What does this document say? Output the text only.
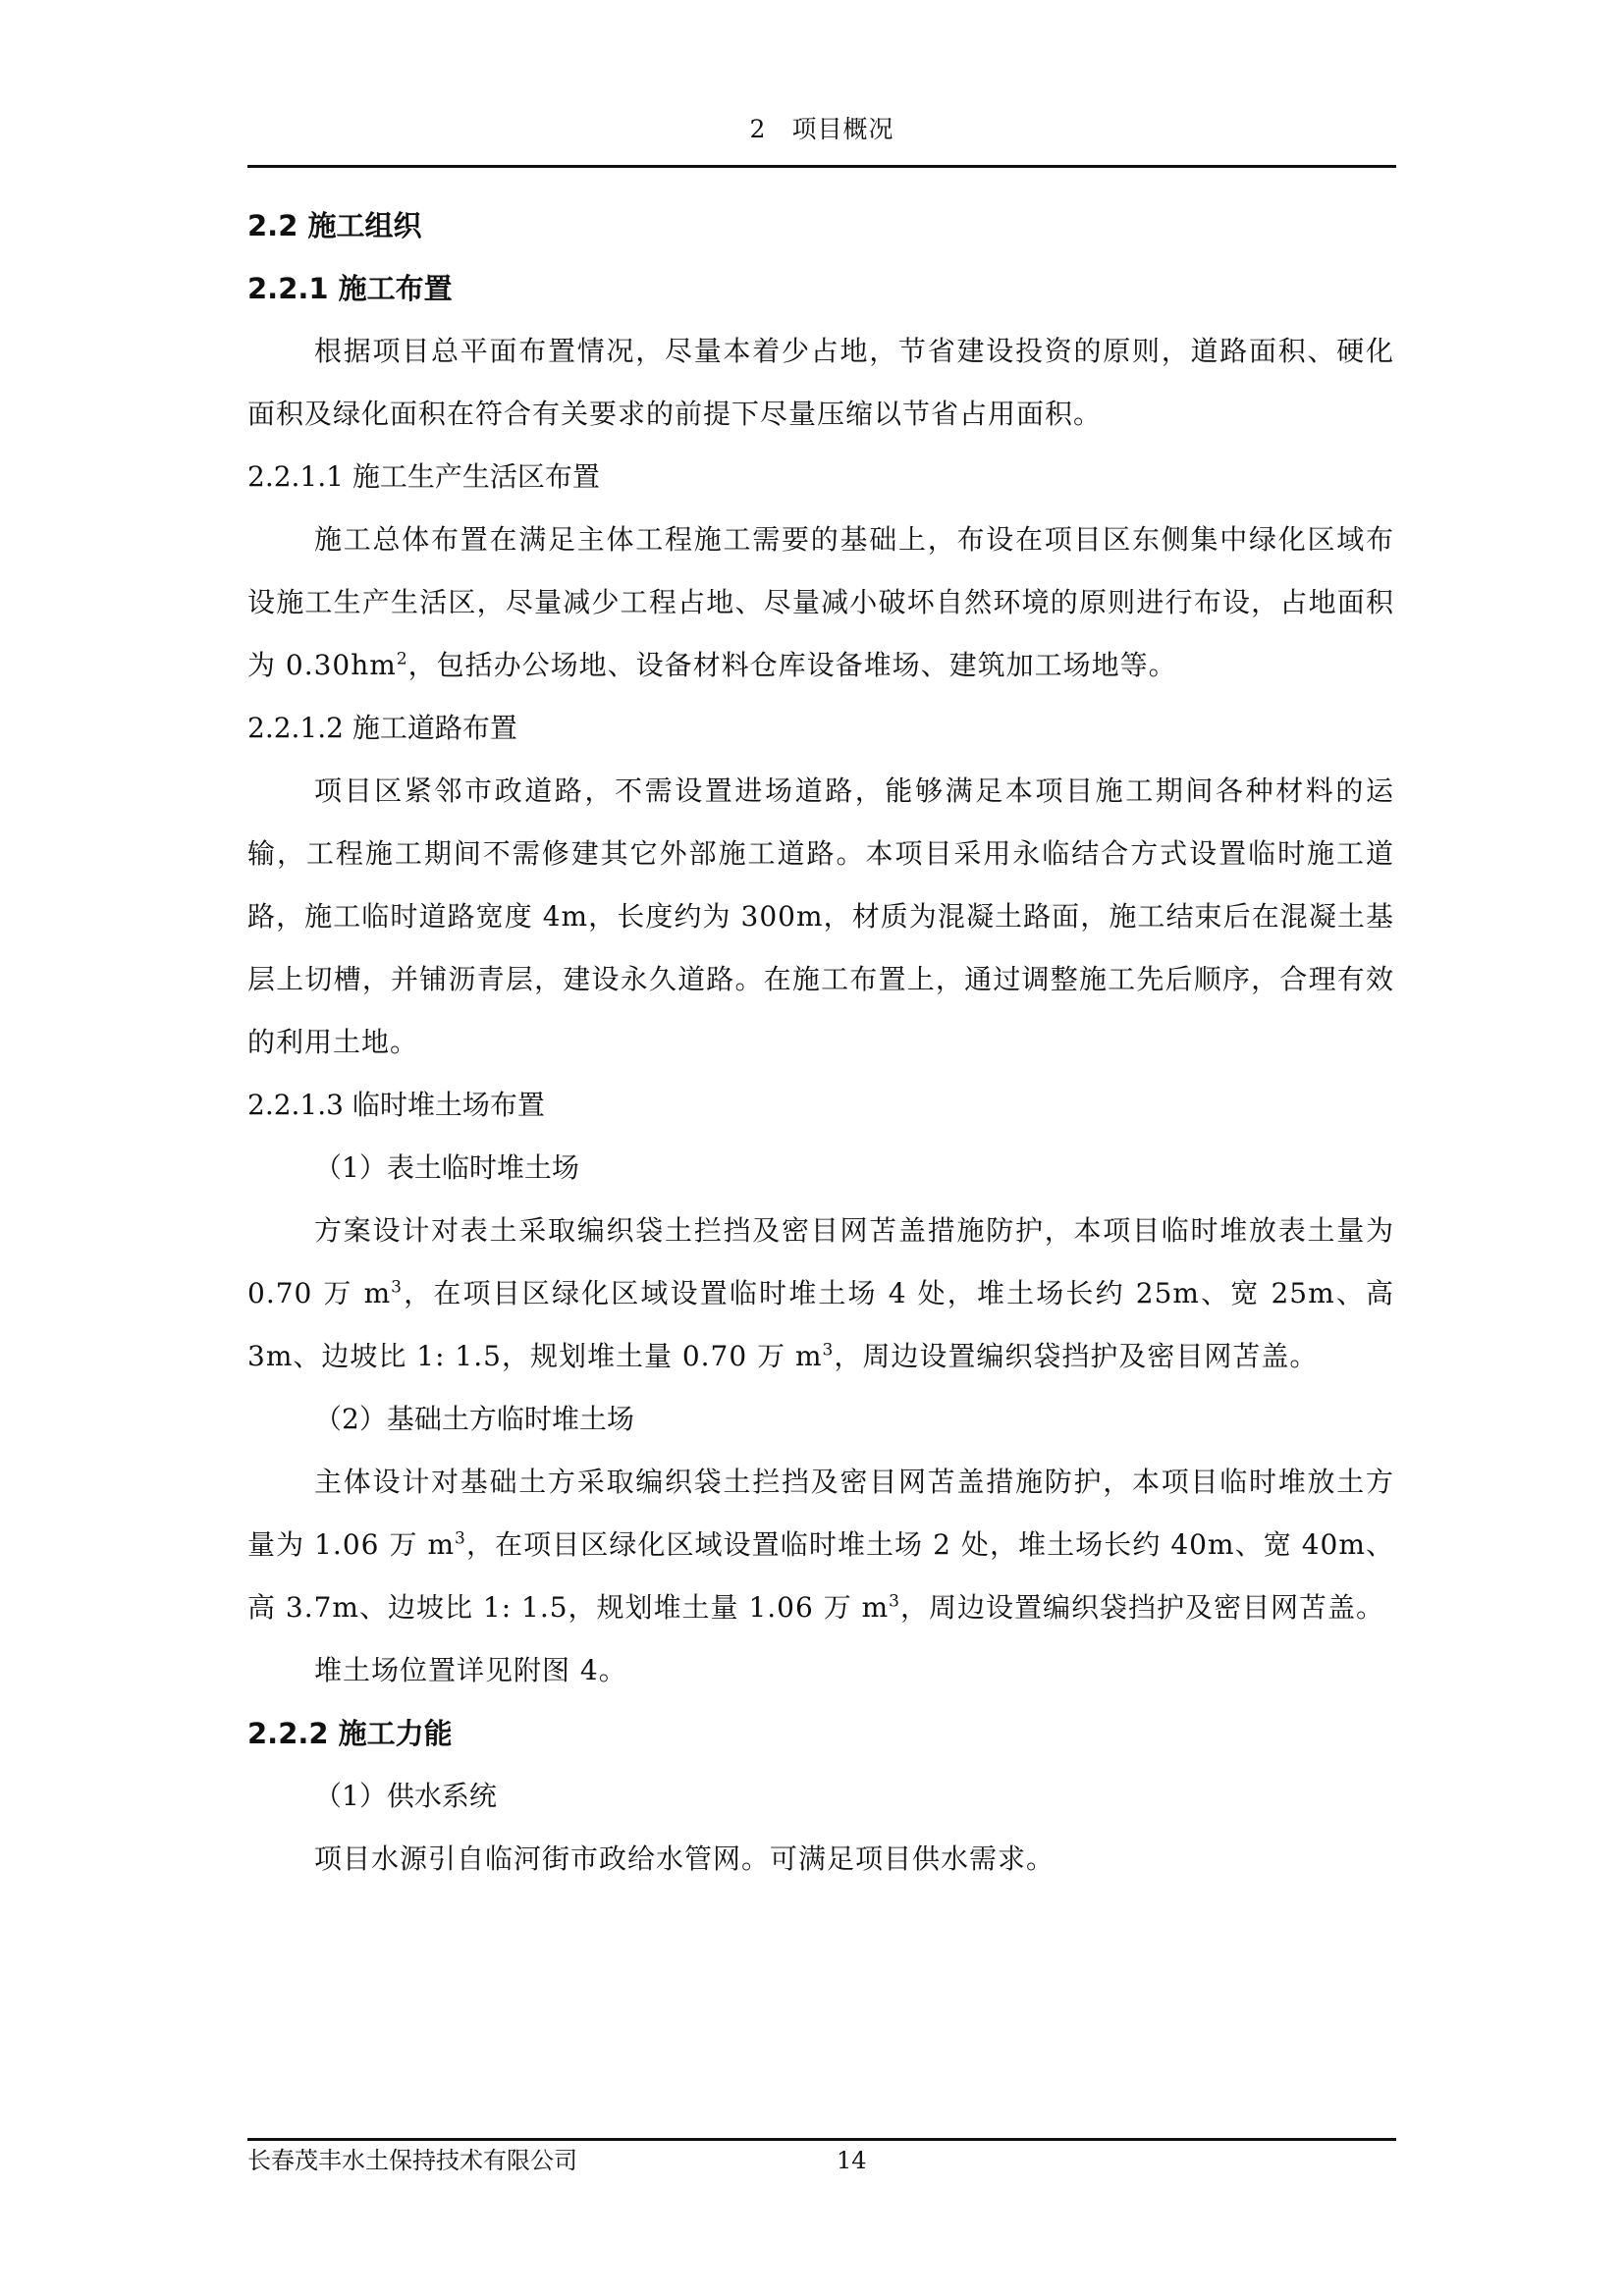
2　项目概况
2.2 施工组织
2.2.1 施工布置
根据项目总平面布置情况，尽量本着少占地，节省建设投资的原则，道路面积、硬化面积及绿化面积在符合有关要求的前提下尽量压缩以节省占用面积。
2.2.1.1 施工生产生活区布置
施工总体布置在满足主体工程施工需要的基础上，布设在项目区东侧集中绿化区域布设施工生产生活区，尽量减少工程占地、尽量减小破坏自然环境的原则进行布设，占地面积为 $0.30hm^2$，包括办公场地、设备材料仓库设备堆场、建筑加工场地等。
2.2.1.2 施工道路布置
项目区紧邻市政道路，不需设置进场道路，能够满足本项目施工期间各种材料的运输，工程施工期间不需修建其它外部施工道路。本项目采用永临结合方式设置临时施工道路，施工临时道路宽度 4m，长度约为 300m，材质为混凝土路面，施工结束后在混凝土基层上切槽，并铺沥青层，建设永久道路。在施工布置上，通过调整施工先后顺序，合理有效的利用土地。
2.2.1.3 临时堆土场布置
（1）表土临时堆土场
方案设计对表土采取编织袋土拦挡及密目网苫盖措施防护，本项目临时堆放表土量为 0.70 万 $m^3$，在项目区绿化区域设置临时堆土场 4 处，堆土场长约 25m、宽 25m、高 3m、边坡比 1: 1.5，规划堆土量 0.70 万 $m^3$，周边设置编织袋挡护及密目网苫盖。
（2）基础土方临时堆土场
主体设计对基础土方采取编织袋土拦挡及密目网苫盖措施防护，本项目临时堆放土方量为 1.06 万 $m^3$，在项目区绿化区域设置临时堆土场 2 处，堆土场长约 40m、宽 40m、高 3.7m、边坡比 1: 1.5，规划堆土量 1.06 万 $m^3$，周边设置编织袋挡护及密目网苫盖。
堆土场位置详见附图 4。
2.2.2 施工力能
（1）供水系统
项目水源引自临河街市政给水管网。可满足项目供水需求。
长春茂丰水土保持技术有限公司	14
